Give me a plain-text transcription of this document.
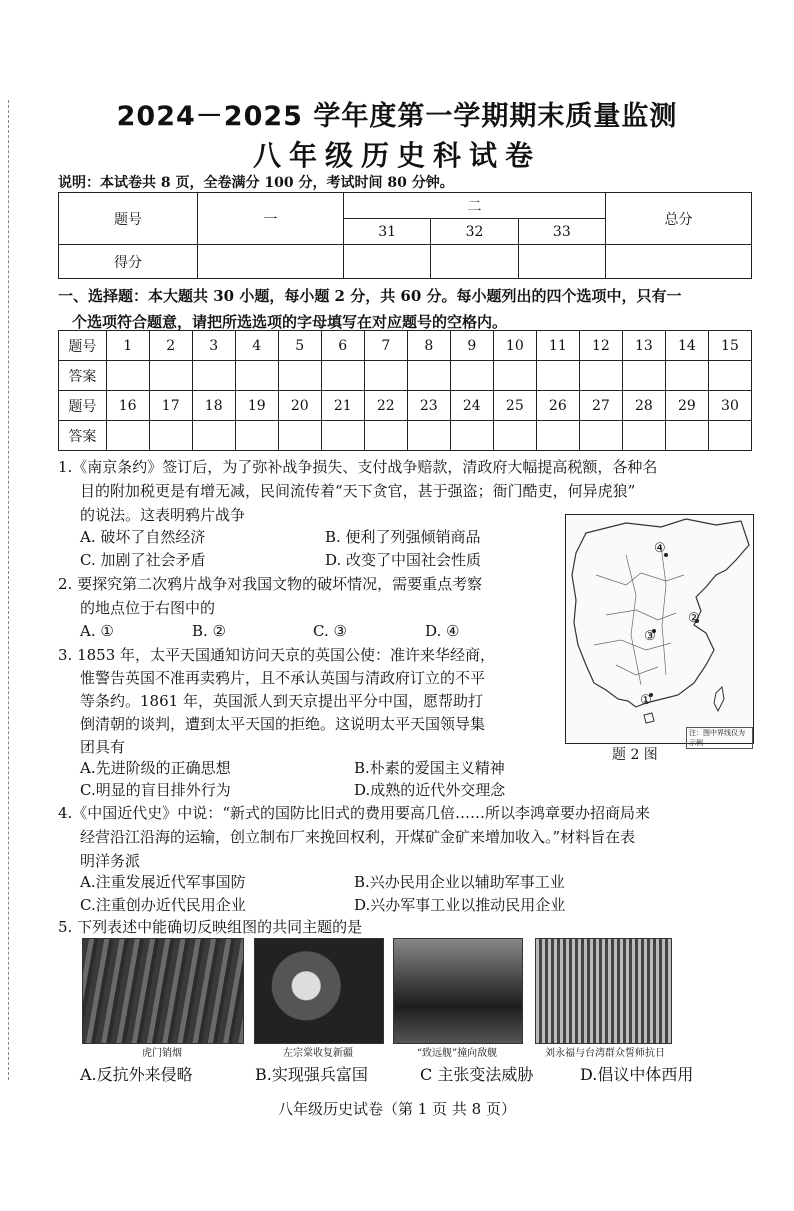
2024－2025 学年度第一学期期末质量监测
八年级历史科试卷
说明：本试卷共 8 页，全卷满分 100 分，考试时间 80 分钟。
题号	一	二			总分
		31	32	33	
得分					
一、选择题：本大题共 30 小题，每小题 2 分，共 60 分。每小题列出的四个选项中，只有一
个选项符合题意，请把所选选项的字母填写在对应题号的空格内。
题号	1	2	3	4	5	6	7	8	9	10	11	12	13	14	15
答案															
题号	16	17	18	19	20	21	22	23	24	25	26	27	28	29	30
答案															
1.《南京条约》签订后，为了弥补战争损失、支付战争赔款，清政府大幅提高税额，各种名
目的附加税更是有增无减，民间流传着“天下贪官，甚于强盗；衙门酷吏，何异虎狼”
的说法。这表明鸦片战争
A. 破坏了自然经济	B. 便利了列强倾销商品
C. 加剧了社会矛盾	D. 改变了中国社会性质
2. 要探究第二次鸦片战争对我国文物的破坏情况，需要重点考察
的地点位于右图中的
A. ①	B. ②	C. ③	D. ④
3. 1853 年，太平天国通知访问天京的英国公使：准许来华经商，
惟警告英国不准再卖鸦片，且不承认英国与清政府订立的不平
等条约。1861 年，英国派人到天京提出平分中国，愿帮助打
倒清朝的谈判，遭到太平天国的拒绝。这说明太平天国领导集
团具有
A.先进阶级的正确思想	B.朴素的爱国主义精神
C.明显的盲目排外行为	D.成熟的近代外交理念
①
②
③
④
注：图中界线仅为示例
题 2 图
4.《中国近代史》中说：“新式的国防比旧式的费用要高几倍……所以李鸿章要办招商局来
经营沿江沿海的运输，创立制布厂来挽回权利，开煤矿金矿来增加收入。”材料旨在表
明洋务派
A.注重发展近代军事国防	B.兴办民用企业以辅助军事工业
C.注重创办近代民用企业	D.兴办军事工业以推动民用企业
5. 下列表述中能确切反映组图的共同主题的是
虎门销烟	左宗棠收复新疆	“致远舰”撞向敌舰	刘永福与台湾群众誓师抗日
A.反抗外来侵略	B.实现强兵富国	C 主张变法威胁	D.倡议中体西用
八年级历史试卷（第 1 页 共 8 页）
